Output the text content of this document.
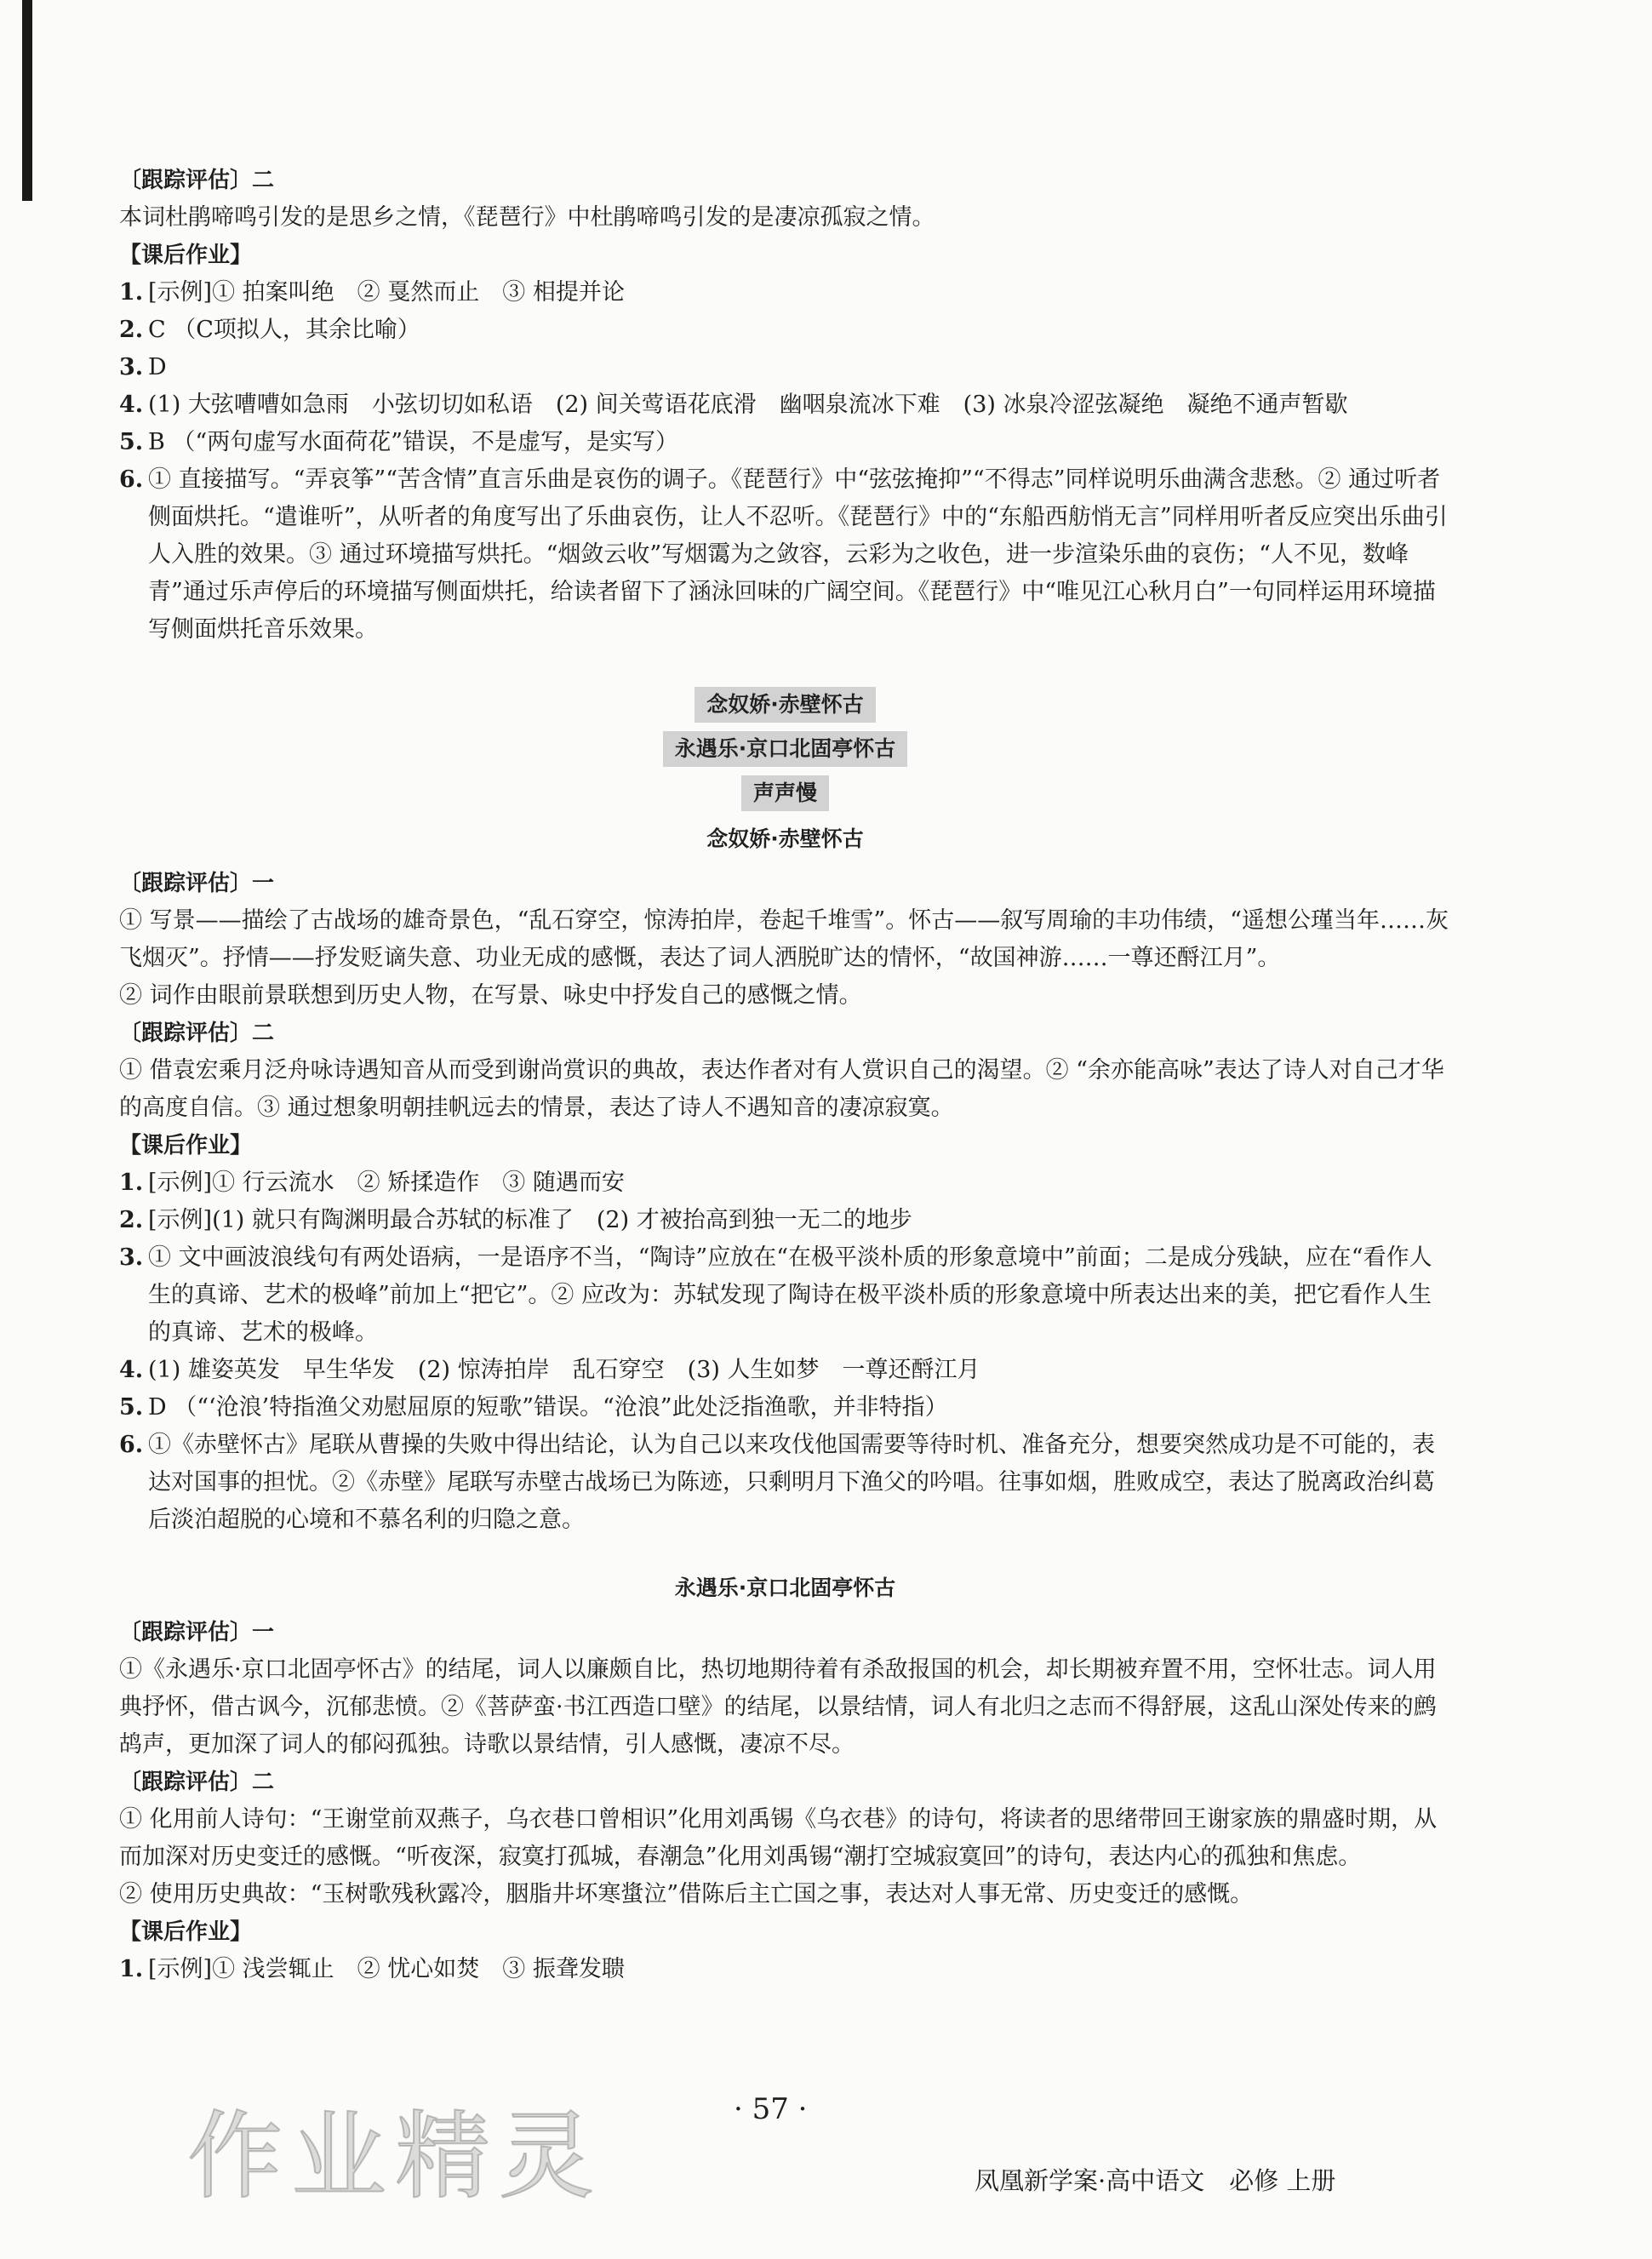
〔跟踪评估〕二

本词杜鹃啼鸣引发的是思乡之情，《琵琶行》中杜鹃啼鸣引发的是凄凉孤寂之情。

【课后作业】
1. [示例]① 拍案叫绝　② 戛然而止　③ 相提并论
2. C （C项拟人，其余比喻）
3. D
4. (1) 大弦嘈嘈如急雨　小弦切切如私语　(2) 间关莺语花底滑　幽咽泉流冰下难　(3) 冰泉冷涩弦凝绝　凝绝不通声暂歇
5. B （“两句虚写水面荷花”错误，不是虚写，是实写）
6. ① 直接描写。“弄哀筝”“苦含情”直言乐曲是哀伤的调子。《琵琶行》中“弦弦掩抑”“不得志”同样说明乐曲满含悲愁。② 通过听者侧面烘托。“遣谁听”，从听者的角度写出了乐曲哀伤，让人不忍听。《琵琶行》中的“东船西舫悄无言”同样用听者反应突出乐曲引人入胜的效果。③ 通过环境描写烘托。“烟敛云收”写烟霭为之敛容，云彩为之收色，进一步渲染乐曲的哀伤；“人不见，数峰青”通过乐声停后的环境描写侧面烘托，给读者留下了涵泳回味的广阔空间。《琵琶行》中“唯见江心秋月白”一句同样运用环境描写侧面烘托音乐效果。
念奴娇·赤壁怀古
永遇乐·京口北固亭怀古
声声慢
念奴娇·赤壁怀古
〔跟踪评估〕一

① 写景——描绘了古战场的雄奇景色，“乱石穿空，惊涛拍岸，卷起千堆雪”。怀古——叙写周瑜的丰功伟绩，“遥想公瑾当年……灰飞烟灭”。抒情——抒发贬谪失意、功业无成的感慨，表达了词人洒脱旷达的情怀，“故国神游……一尊还酹江月”。

② 词作由眼前景联想到历史人物，在写景、咏史中抒发自己的感慨之情。

〔跟踪评估〕二

① 借袁宏乘月泛舟咏诗遇知音从而受到谢尚赏识的典故，表达作者对有人赏识自己的渴望。② “余亦能高咏”表达了诗人对自己才华的高度自信。③ 通过想象明朝挂帆远去的情景，表达了诗人不遇知音的凄凉寂寞。

【课后作业】
1. [示例]① 行云流水　② 矫揉造作　③ 随遇而安
2. [示例](1) 就只有陶渊明最合苏轼的标准了　(2) 才被抬高到独一无二的地步
3. ① 文中画波浪线句有两处语病，一是语序不当，“陶诗”应放在“在极平淡朴质的形象意境中”前面；二是成分残缺，应在“看作人生的真谛、艺术的极峰”前加上“把它”。② 应改为：苏轼发现了陶诗在极平淡朴质的形象意境中所表达出来的美，把它看作人生的真谛、艺术的极峰。
4. (1) 雄姿英发　早生华发　(2) 惊涛拍岸　乱石穿空　(3) 人生如梦　一尊还酹江月
5. D （“‘沧浪’特指渔父劝慰屈原的短歌”错误。“沧浪”此处泛指渔歌，并非特指）
6. ①《赤壁怀古》尾联从曹操的失败中得出结论，认为自己以来攻伐他国需要等待时机、准备充分，想要突然成功是不可能的，表达对国事的担忧。②《赤壁》尾联写赤壁古战场已为陈迹，只剩明月下渔父的吟唱。往事如烟，胜败成空，表达了脱离政治纠葛后淡泊超脱的心境和不慕名利的归隐之意。
永遇乐·京口北固亭怀古
〔跟踪评估〕一

①《永遇乐·京口北固亭怀古》的结尾，词人以廉颇自比，热切地期待着有杀敌报国的机会，却长期被弃置不用，空怀壮志。词人用典抒怀，借古讽今，沉郁悲愤。②《菩萨蛮·书江西造口壁》的结尾，以景结情，词人有北归之志而不得舒展，这乱山深处传来的鹧鸪声，更加深了词人的郁闷孤独。诗歌以景结情，引人感慨，凄凉不尽。

〔跟踪评估〕二

① 化用前人诗句：“王谢堂前双燕子，乌衣巷口曾相识”化用刘禹锡《乌衣巷》的诗句，将读者的思绪带回王谢家族的鼎盛时期，从而加深对历史变迁的感慨。“听夜深，寂寞打孤城，春潮急”化用刘禹锡“潮打空城寂寞回”的诗句，表达内心的孤独和焦虑。

② 使用历史典故：“玉树歌残秋露冷，胭脂井坏寒螀泣”借陈后主亡国之事，表达对人事无常、历史变迁的感慨。

【课后作业】
1. [示例]① 浅尝辄止　② 忧心如焚　③ 振聋发聩
· 57 ·
作业精灵	凤凰新学案·高中语文　必修 上册
